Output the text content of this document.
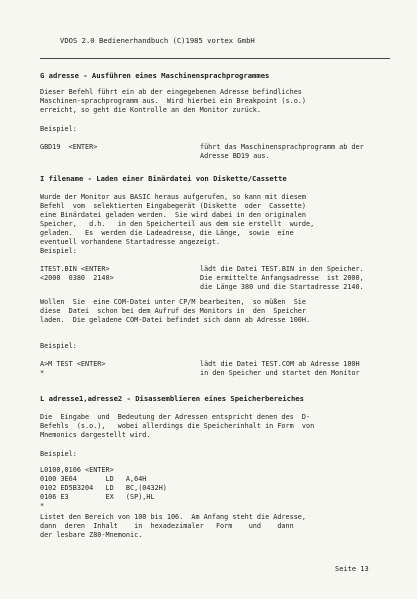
VDOS 2.0 Bedienerhandbuch (C)1985 vortex GmbH
G adresse - Ausführen eines Maschinensprachprogrammes
Dieser Befehl führt ein ab der eingegebenen Adresse befindliches
Maschinen-sprachprogramm aus.  Wird hierbei ein Breakpoint (s.o.)
erreicht, so geht die Kontrolle an den Monitor zurück.
Beispiel:
GBD19  <ENTER>	führt das Maschinensprachprogramm ab der
Adresse BD19 aus.
I filename - Laden einer Binärdatei von Diskette/Cassette
Wurde der Monitor aus BASIC heraus aufgerufen, so kann mit diesem
Befehl  vom  selektierten Eingabegerät (Diskette  oder  Cassette)
eine Binärdatei geladen werden.  Sie wird dabei in den originalen
Speicher,   d.h.   in den Speicherteil aus dem sie erstellt  wurde,
geladen.   Es  werden die Ladeadresse, die Länge,  sowie  eine
eventuell vorhandene Startadresse angezeigt.
Beispiel:
ITEST.BIN <ENTER>
<2000  0380  2140>
lädt die Datei TEST.BIN in den Speicher.
Die ermittelte Anfangsadresse  ist 2000,
die Länge 380 und die Startadresse 2140.
Wollen  Sie  eine COM-Datei unter CP/M bearbeiten,  so müßen  Sie
diese  Datei  schon bei dem Aufruf des Monitors in  den  Speicher
laden.  Die geladene COM-Datei befindet sich dann ab Adresse 100H.
Beispiel:
A>M TEST <ENTER>
*
lädt die Datei TEST.COM ab Adresse 100H
in den Speicher und startet den Monitor
L adresse1,adresse2 - Disassemblieren eines Speicherbereiches
Die  Eingabe  und  Bedeutung der Adressen entspricht denen des  D-
Befehls  (s.o.),   wobei allerdings die Speicherinhalt in Form  von
Mnemonics dargestellt wird.
Beispiel:
L0100,0106 <ENTER>
0100 3E64       LD   A,64H
0102 ED5B3204   LD   BC,(0432H)
0106 E3         EX   (SP),HL
*
Listet den Bereich von 100 bis 106.  Am Anfang steht die Adresse,
dann  deren  Inhalt    in  hexadezimaler   Form    und    dann
der lesbare Z80-Mnemonic.
Seite 13
